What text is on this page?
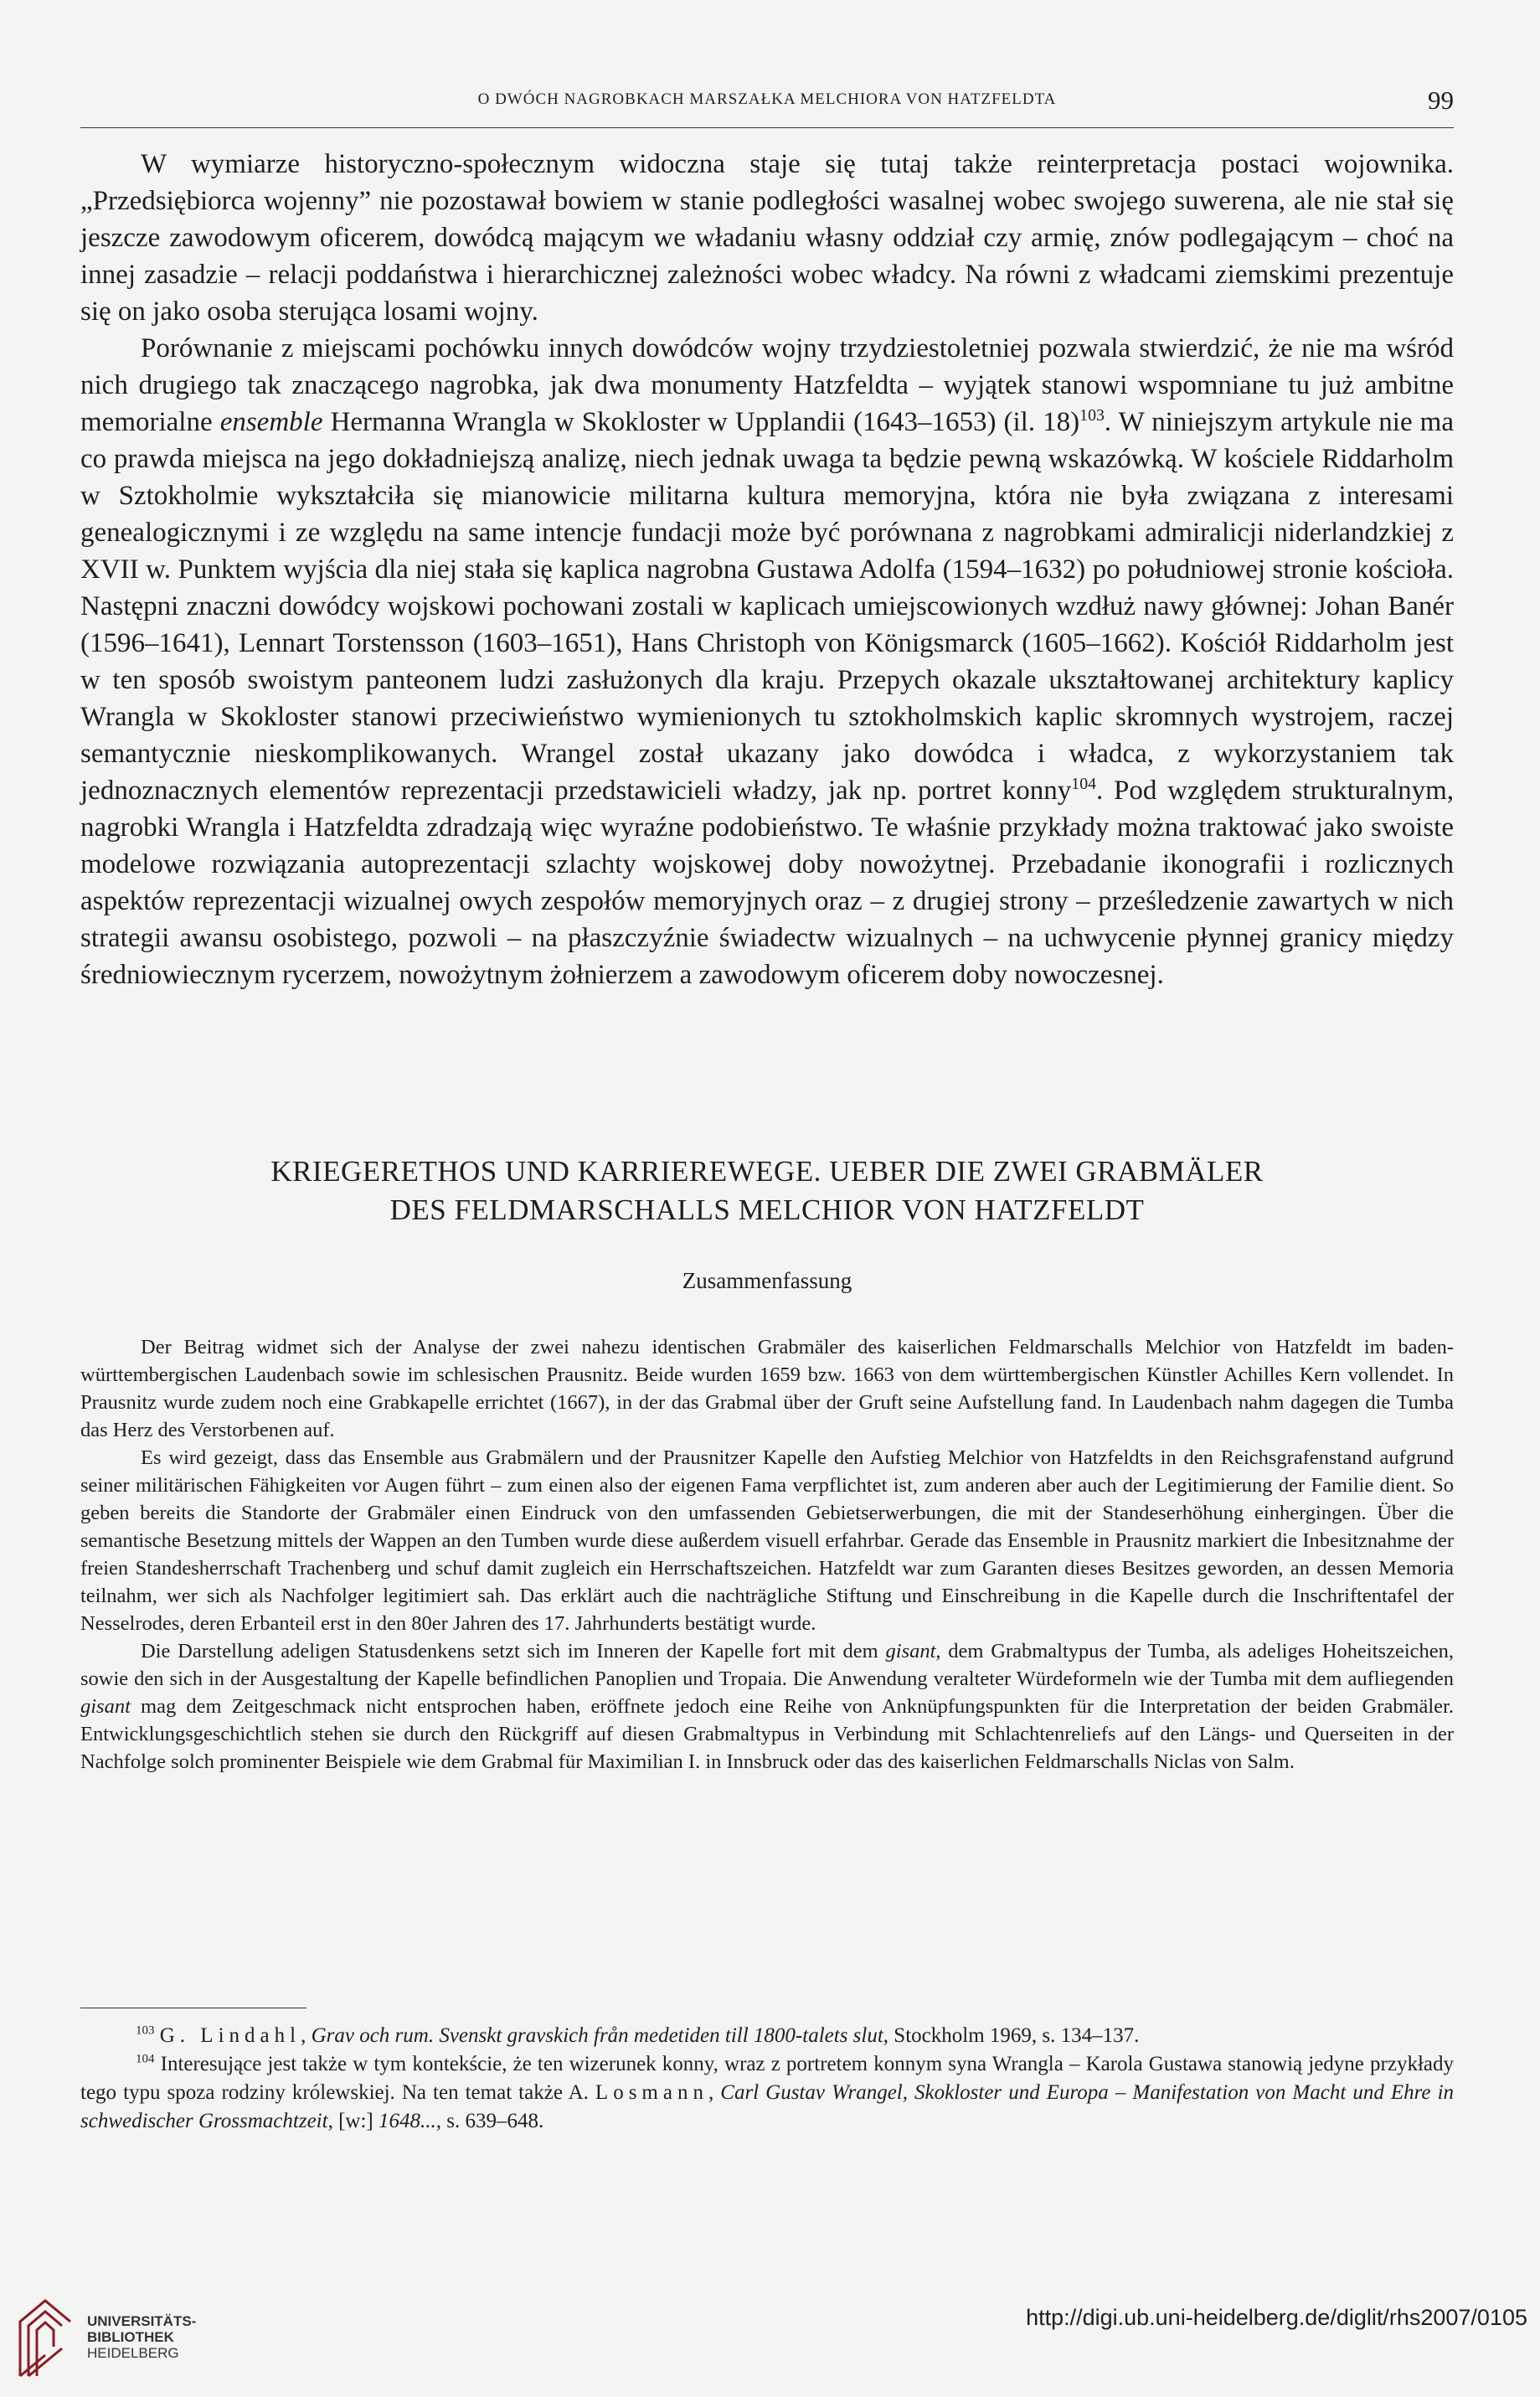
O DWÓCH NAGROBKACH MARSZAŁKA MELCHIORA VON HATZFELDTA	99

W wymiarze historyczno-społecznym widoczna staje się tutaj także reinterpretacja postaci wojownika. „Przedsiębiorca wojenny” nie pozostawał bowiem w stanie podległości wasalnej wobec swojego suwerena, ale nie stał się jeszcze zawodowym oficerem, dowódcą mającym we władaniu własny oddział czy armię, znów podlegającym – choć na innej zasadzie – relacji poddaństwa i hierarchicznej zależności wobec władcy. Na równi z władcami ziemskimi prezentuje się on jako osoba sterująca losami wojny.

Porównanie z miejscami pochówku innych dowódców wojny trzydziestoletniej pozwala stwierdzić, że nie ma wśród nich drugiego tak znaczącego nagrobka, jak dwa monumenty Hatzfeldta – wyjątek stanowi wspomniane tu już ambitne memorialne ensemble Hermanna Wrangla w Skokloster w Upplandii (1643–1653) (il. 18)$^{103}$. W niniejszym artykule nie ma co prawda miejsca na jego dokładniejszą analizę, niech jednak uwaga ta będzie pewną wskazówką. W kościele Riddarholm w Sztokholmie wykształciła się mianowicie militarna kultura memoryjna, która nie była związana z interesami genealogicznymi i ze względu na same intencje fundacji może być porównana z nagrobkami admiralicji niderlandzkiej z XVII w. Punktem wyjścia dla niej stała się kaplica nagrobna Gustawa Adolfa (1594–1632) po południowej stronie kościoła. Następni znaczni dowódcy wojskowi pochowani zostali w kaplicach umiejscowionych wzdłuż nawy głównej: Johan Banér (1596–1641), Lennart Torstensson (1603–1651), Hans Christoph von Königsmarck (1605–1662). Kościół Riddarholm jest w ten sposób swoistym panteonem ludzi zasłużonych dla kraju. Przepych okazale ukształtowanej architektury kaplicy Wrangla w Skokloster stanowi przeciwieństwo wymienionych tu sztokholmskich kaplic skromnych wystrojem, raczej semantycznie nieskomplikowanych. Wrangel został ukazany jako dowódca i władca, z wykorzystaniem tak jednoznacznych elementów reprezentacji przedstawicieli władzy, jak np. portret konny$^{104}$. Pod względem strukturalnym, nagrobki Wrangla i Hatzfeldta zdradzają więc wyraźne podobieństwo. Te właśnie przykłady można traktować jako swoiste modelowe rozwiązania autoprezentacji szlachty wojskowej doby nowożytnej. Przebadanie ikonografii i rozlicznych aspektów reprezentacji wizualnej owych zespołów memoryjnych oraz – z drugiej strony – prześledzenie zawartych w nich strategii awansu osobistego, pozwoli – na płaszczyźnie świadectw wizualnych – na uchwycenie płynnej granicy między średniowiecznym rycerzem, nowożytnym żołnierzem a zawodowym oficerem doby nowoczesnej.

KRIEGERETHOS UND KARRIEREWEGE. UEBER DIE ZWEI GRABMÄLER
DES FELDMARSCHALLS MELCHIOR VON HATZFELDT
Zusammenfassung

Der Beitrag widmet sich der Analyse der zwei nahezu identischen Grabmäler des kaiserlichen Feldmarschalls Melchior von Hatzfeldt im baden-württembergischen Laudenbach sowie im schlesischen Prausnitz. Beide wurden 1659 bzw. 1663 von dem württembergischen Künstler Achilles Kern vollendet. In Prausnitz wurde zudem noch eine Grabkapelle errichtet (1667), in der das Grabmal über der Gruft seine Aufstellung fand. In Laudenbach nahm dagegen die Tumba das Herz des Verstorbenen auf.

Es wird gezeigt, dass das Ensemble aus Grabmälern und der Prausnitzer Kapelle den Aufstieg Melchior von Hatzfeldts in den Reichsgrafenstand aufgrund seiner militärischen Fähigkeiten vor Augen führt – zum einen also der eigenen Fama verpflichtet ist, zum anderen aber auch der Legitimierung der Familie dient. So geben bereits die Standorte der Grabmäler einen Eindruck von den umfassenden Gebietserwerbungen, die mit der Standeserhöhung einhergingen. Über die semantische Besetzung mittels der Wappen an den Tumben wurde diese außerdem visuell erfahrbar. Gerade das Ensemble in Prausnitz markiert die Inbesitznahme der freien Standesherrschaft Trachenberg und schuf damit zugleich ein Herrschaftszeichen. Hatzfeldt war zum Garanten dieses Besitzes geworden, an dessen Memoria teilnahm, wer sich als Nachfolger legitimiert sah. Das erklärt auch die nachträgliche Stiftung und Einschreibung in die Kapelle durch die Inschriftentafel der Nesselrodes, deren Erbanteil erst in den 80er Jahren des 17. Jahrhunderts bestätigt wurde.

Die Darstellung adeligen Statusdenkens setzt sich im Inneren der Kapelle fort mit dem gisant, dem Grabmaltypus der Tumba, als adeliges Hoheitszeichen, sowie den sich in der Ausgestaltung der Kapelle befindlichen Panoplien und Tropaia. Die Anwendung veralteter Würdeformeln wie der Tumba mit dem aufliegenden gisant mag dem Zeitgeschmack nicht entsprochen haben, eröffnete jedoch eine Reihe von Anknüpfungspunkten für die Interpretation der beiden Grabmäler. Entwicklungsgeschichtlich stehen sie durch den Rückgriff auf diesen Grabmaltypus in Verbindung mit Schlachtenreliefs auf den Längs- und Querseiten in der Nachfolge solch prominenter Beispiele wie dem Grabmal für Maximilian I. in Innsbruck oder das des kaiserlichen Feldmarschalls Niclas von Salm.

$^{103}$ G. Lindahl, Grav och rum. Svenskt gravskich från medetiden till 1800-talets slut, Stockholm 1969, s. 134–137.

$^{104}$ Interesujące jest także w tym kontekście, że ten wizerunek konny, wraz z portretem konnym syna Wrangla – Karola Gustawa stanowią jedyne przykłady tego typu spoza rodziny królewskiej. Na ten temat także A. Losmann, Carl Gustav Wrangel, Skokloster und Europa – Manifestation von Macht und Ehre in schwedischer Grossmachtzeit, [w:] 1648..., s. 639–648.

UNIVERSITÄTS-
BIBLIOTHEK
HEIDELBERG
http://digi.ub.uni-heidelberg.de/diglit/rhs2007/0105
